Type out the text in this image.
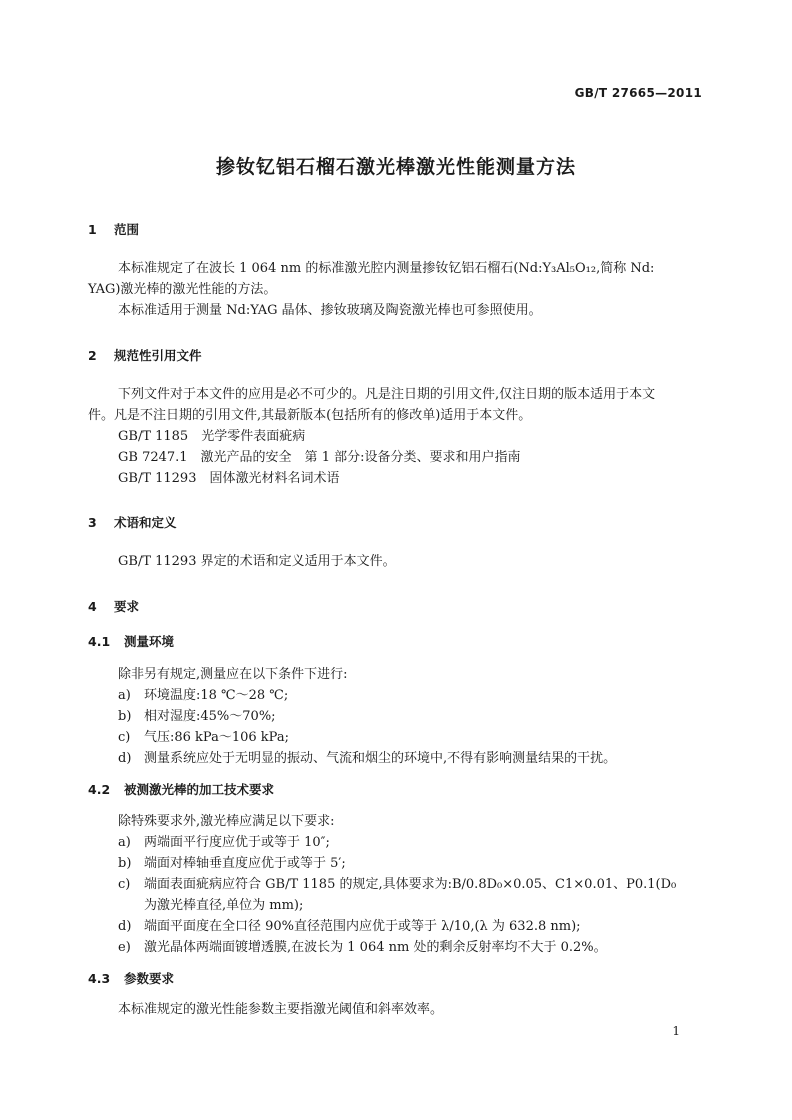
GB/T 27665—2011
掺钕钇铝石榴石激光棒激光性能测量方法
1 范围
本标准规定了在波长 1 064 nm 的标准激光腔内测量掺钕钇铝石榴石(Nd:Y₃Al₅O₁₂,简称 Nd:
YAG)激光棒的激光性能的方法。
本标准适用于测量 Nd:YAG 晶体、掺钕玻璃及陶瓷激光棒也可参照使用。
2 规范性引用文件
下列文件对于本文件的应用是必不可少的。凡是注日期的引用文件,仅注日期的版本适用于本文
件。凡是不注日期的引用文件,其最新版本(包括所有的修改单)适用于本文件。
GB/T 1185　光学零件表面疵病
GB 7247.1　激光产品的安全　第 1 部分:设备分类、要求和用户指南
GB/T 11293　固体激光材料名词术语
3 术语和定义
GB/T 11293 界定的术语和定义适用于本文件。
4 要求
4.1 测量环境
除非另有规定,测量应在以下条件下进行:
a) 环境温度:18 ℃～28 ℃;
b) 相对湿度:45%～70%;
c) 气压:86 kPa～106 kPa;
d) 测量系统应处于无明显的振动、气流和烟尘的环境中,不得有影响测量结果的干扰。
4.2 被测激光棒的加工技术要求
除特殊要求外,激光棒应满足以下要求:
a) 两端面平行度应优于或等于 10″;
b) 端面对棒轴垂直度应优于或等于 5′;
c) 端面表面疵病应符合 GB/T 1185 的规定,具体要求为:B/0.8D₀×0.05、C1×0.01、P0.1(D₀
为激光棒直径,单位为 mm);
d) 端面平面度在全口径 90%直径范围内应优于或等于 λ/10,(λ 为 632.8 nm);
e) 激光晶体两端面镀增透膜,在波长为 1 064 nm 处的剩余反射率均不大于 0.2%。
4.3 参数要求
本标准规定的激光性能参数主要指激光阈值和斜率效率。
1
